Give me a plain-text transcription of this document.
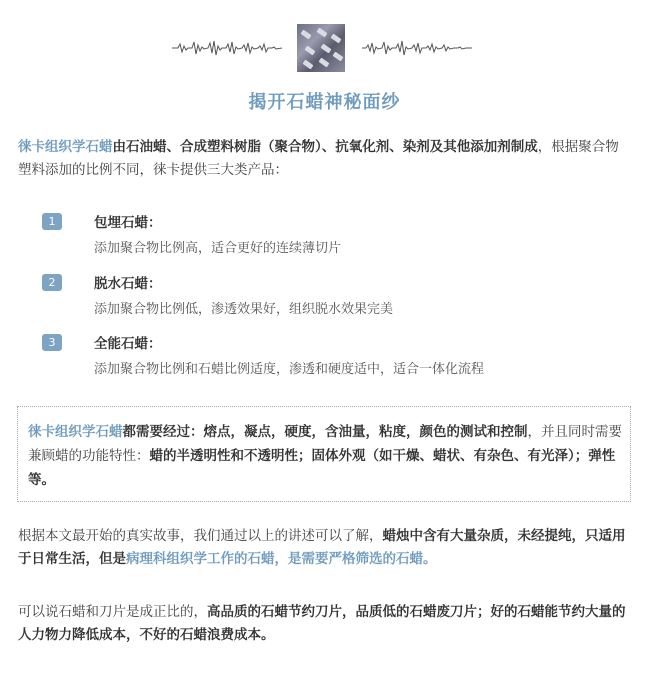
揭开石蜡神秘面纱
徕卡组织学石蜡由石油蜡、合成塑料树脂（聚合物）、抗氧化剂、染剂及其他添加剂制成，根据聚合物塑料添加的比例不同，徕卡提供三大类产品：
1	包埋石蜡：
添加聚合物比例高，适合更好的连续薄切片
2	脱水石蜡：
添加聚合物比例低，渗透效果好，组织脱水效果完美
3	全能石蜡：
添加聚合物比例和石蜡比例适度，渗透和硬度适中，适合一体化流程
徕卡组织学石蜡都需要经过：熔点，凝点，硬度，含油量，粘度，颜色的测试和控制，并且同时需要兼顾蜡的功能特性：蜡的半透明性和不透明性；固体外观（如干燥、蜡状、有杂色、有光泽）；弹性等。
根据本文最开始的真实故事，我们通过以上的讲述可以了解，蜡烛中含有大量杂质，未经提纯，只适用于日常生活，但是病理科组织学工作的石蜡，是需要严格筛选的石蜡。
可以说石蜡和刀片是成正比的，高品质的石蜡节约刀片，品质低的石蜡废刀片；好的石蜡能节约大量的人力物力降低成本，不好的石蜡浪费成本。
